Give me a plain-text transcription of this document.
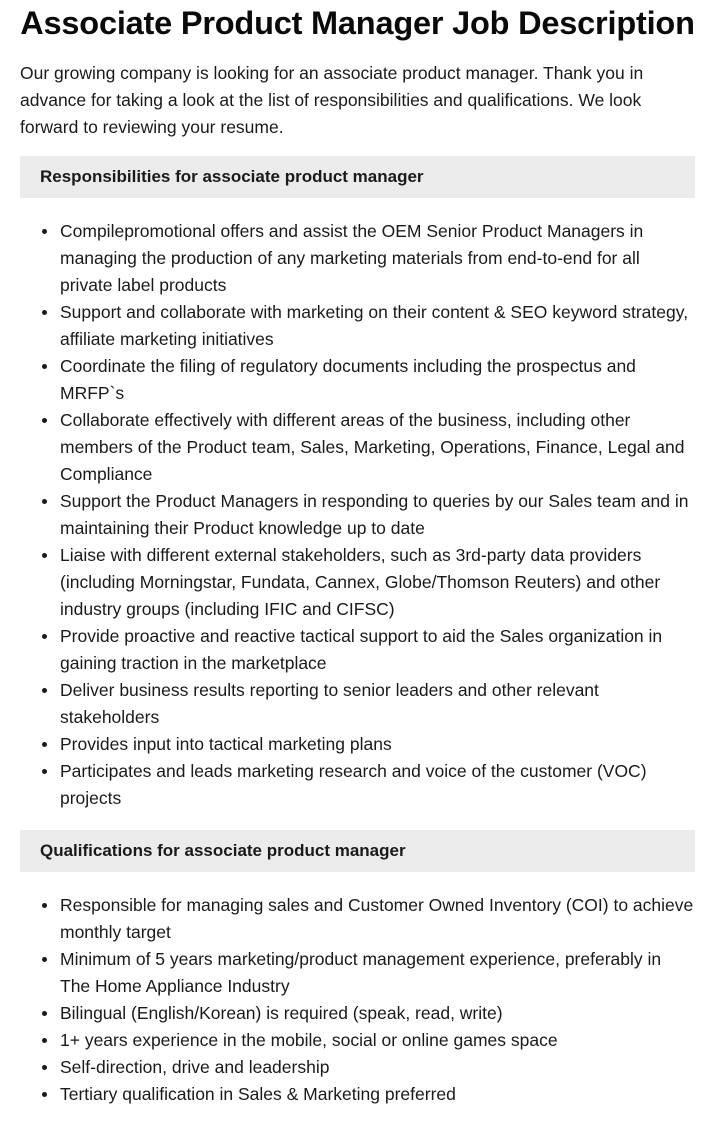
Associate Product Manager Job Description

Our growing company is looking for an associate product manager. Thank you in advance for taking a look at the list of responsibilities and qualifications. We look forward to reviewing your resume.

Responsibilities for associate product manager
Compilepromotional offers and assist the OEM Senior Product Managers in managing the production of any marketing materials from end-to-end for all private label products
Support and collaborate with marketing on their content & SEO keyword strategy, affiliate marketing initiatives
Coordinate the filing of regulatory documents including the prospectus and MRFP`s
Collaborate effectively with different areas of the business, including other members of the Product team, Sales, Marketing, Operations, Finance, Legal and Compliance
Support the Product Managers in responding to queries by our Sales team and in maintaining their Product knowledge up to date
Liaise with different external stakeholders, such as 3rd-party data providers (including Morningstar, Fundata, Cannex, Globe/Thomson Reuters) and other industry groups (including IFIC and CIFSC)
Provide proactive and reactive tactical support to aid the Sales organization in gaining traction in the marketplace
Deliver business results reporting to senior leaders and other relevant stakeholders
Provides input into tactical marketing plans
Participates and leads marketing research and voice of the customer (VOC) projects
Qualifications for associate product manager
Responsible for managing sales and Customer Owned Inventory (COI) to achieve monthly target
Minimum of 5 years marketing/product management experience, preferably in The Home Appliance Industry
Bilingual (English/Korean) is required (speak, read, write)
1+ years experience in the mobile, social or online games space
Self-direction, drive and leadership
Tertiary qualification in Sales & Marketing preferred
